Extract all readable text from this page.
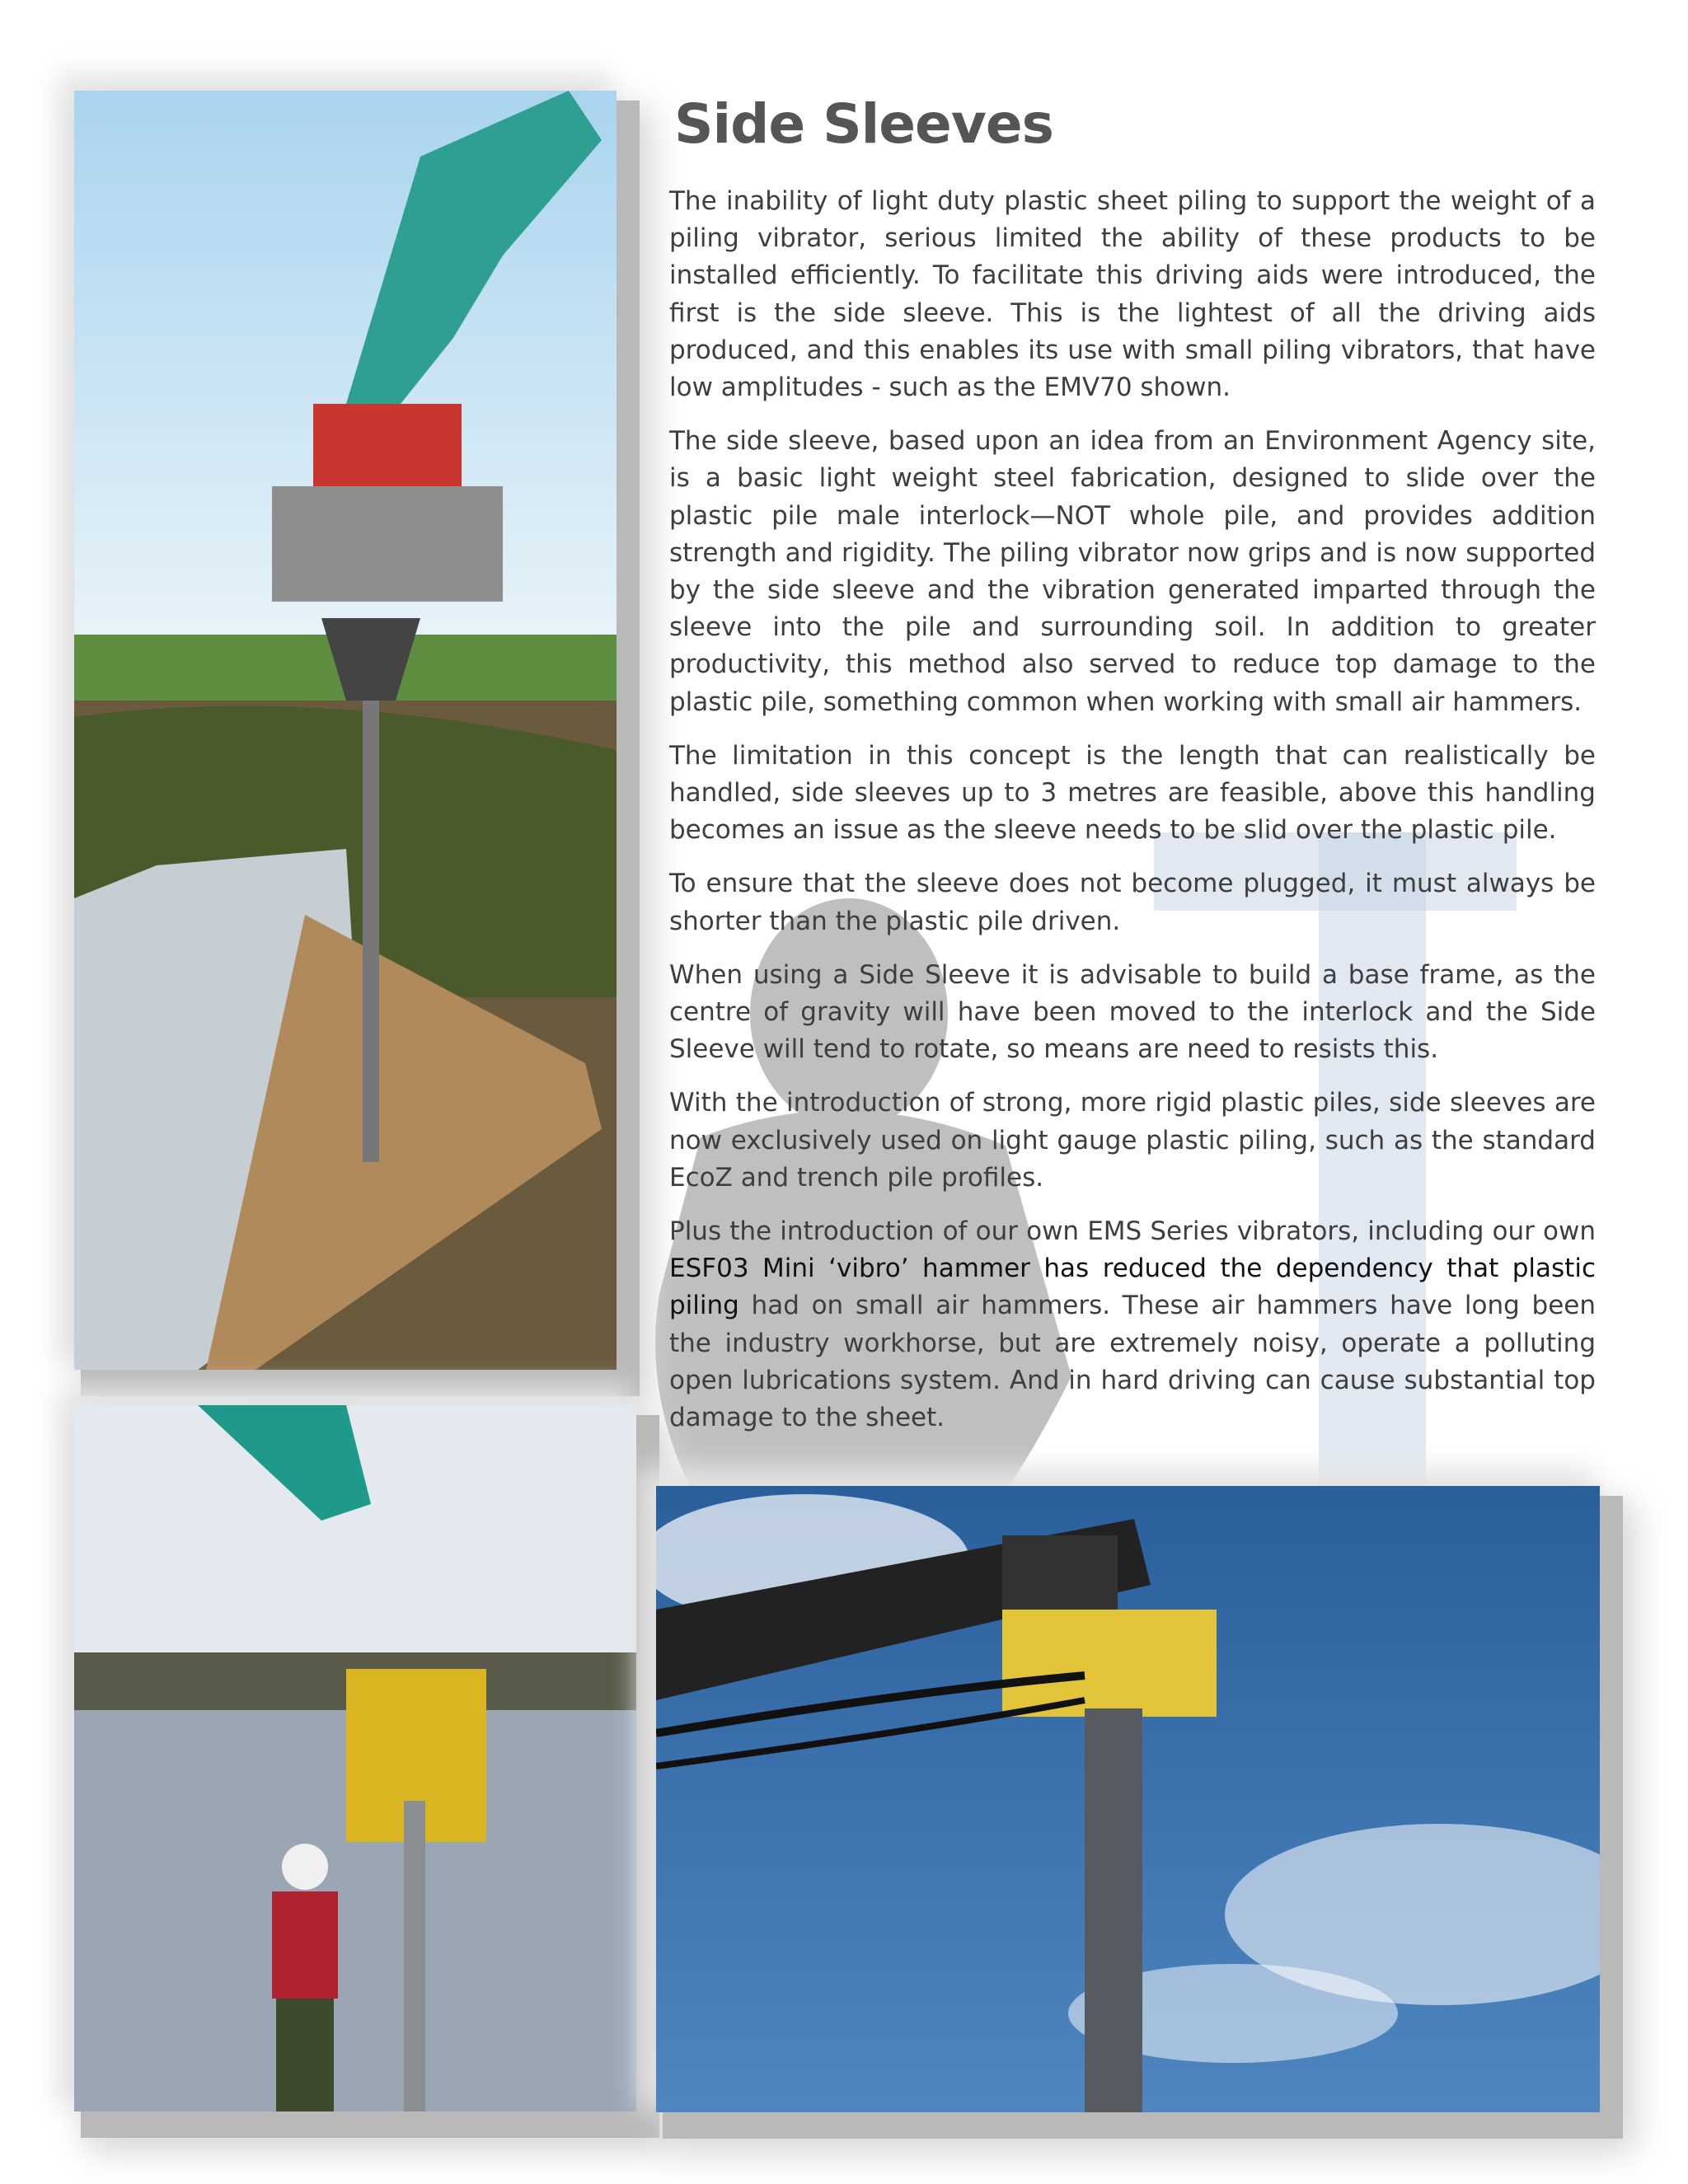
Side Sleeves

The inability of light duty plastic sheet piling to support the weight of a piling vibrator, serious limited the ability of these products to be installed efficiently. To facilitate this driving aids were introduced, the first is the side sleeve. This is the lightest of all the driving aids produced, and this enables its use with small piling vibrators, that have low amplitudes - such as the EMV70 shown.

The side sleeve, based upon an idea from an Environment Agency site, is a basic light weight steel fabrication, designed to slide over the plastic pile male interlock—NOT whole pile, and provides addition strength and rigidity. The piling vibrator now grips and is now supported by the side sleeve and the vibration generated imparted through the sleeve into the pile and surrounding soil. In addition to greater productivity, this method also served to reduce top damage to the plastic pile, something common when working with small air hammers.

The limitation in this concept is the length that can realistically be handled, side sleeves up to 3 metres are feasible, above this handling becomes an issue as the sleeve needs to be slid over the plastic pile.

To ensure that the sleeve does not become plugged, it must always be shorter than the plastic pile driven.

When using a Side Sleeve it is advisable to build a base frame, as the centre of gravity will have been moved to the interlock and the Side Sleeve will tend to rotate, so means are need to resists this.

With the introduction of strong, more rigid plastic piles, side sleeves are now exclusively used on light gauge plastic piling, such as the standard EcoZ and trench pile profiles.

Plus the introduction of our own EMS Series vibrators, including our own ESF03 Mini ‘vibro’ hammer has reduced the dependency that plastic piling had on small air hammers. These air hammers have long been the industry workhorse, but are extremely noisy, operate a polluting open lubrications system. And in hard driving can cause substantial top damage to the sheet.
